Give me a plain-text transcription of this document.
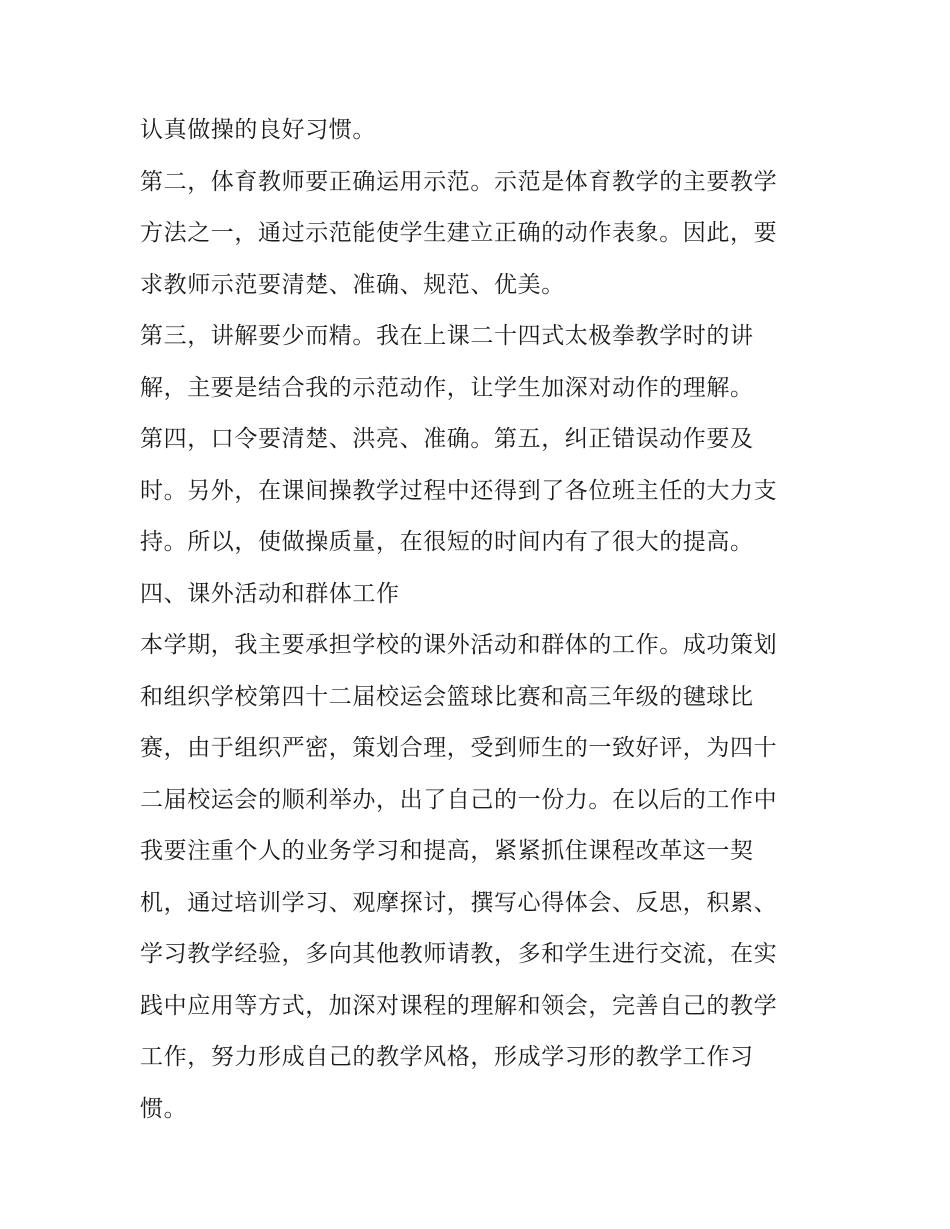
认真做操的良好习惯。
第二，体育教师要正确运用示范。示范是体育教学的主要教学
方法之一，通过示范能使学生建立正确的动作表象。因此，要
求教师示范要清楚、准确、规范、优美。
第三，讲解要少而精。我在上课二十四式太极拳教学时的讲
解，主要是结合我的示范动作，让学生加深对动作的理解。
第四，口令要清楚、洪亮、准确。第五，纠正错误动作要及
时。另外，在课间操教学过程中还得到了各位班主任的大力支
持。所以，使做操质量，在很短的时间内有了很大的提高。
四、课外活动和群体工作
本学期，我主要承担学校的课外活动和群体的工作。成功策划
和组织学校第四十二届校运会篮球比赛和高三年级的毽球比
赛，由于组织严密，策划合理，受到师生的一致好评，为四十
二届校运会的顺利举办，出了自己的一份力。在以后的工作中
我要注重个人的业务学习和提高，紧紧抓住课程改革这一契
机，通过培训学习、观摩探讨，撰写心得体会、反思，积累、
学习教学经验，多向其他教师请教，多和学生进行交流，在实
践中应用等方式，加深对课程的理解和领会，完善自己的教学
工作，努力形成自己的教学风格，形成学习形的教学工作习
惯。
